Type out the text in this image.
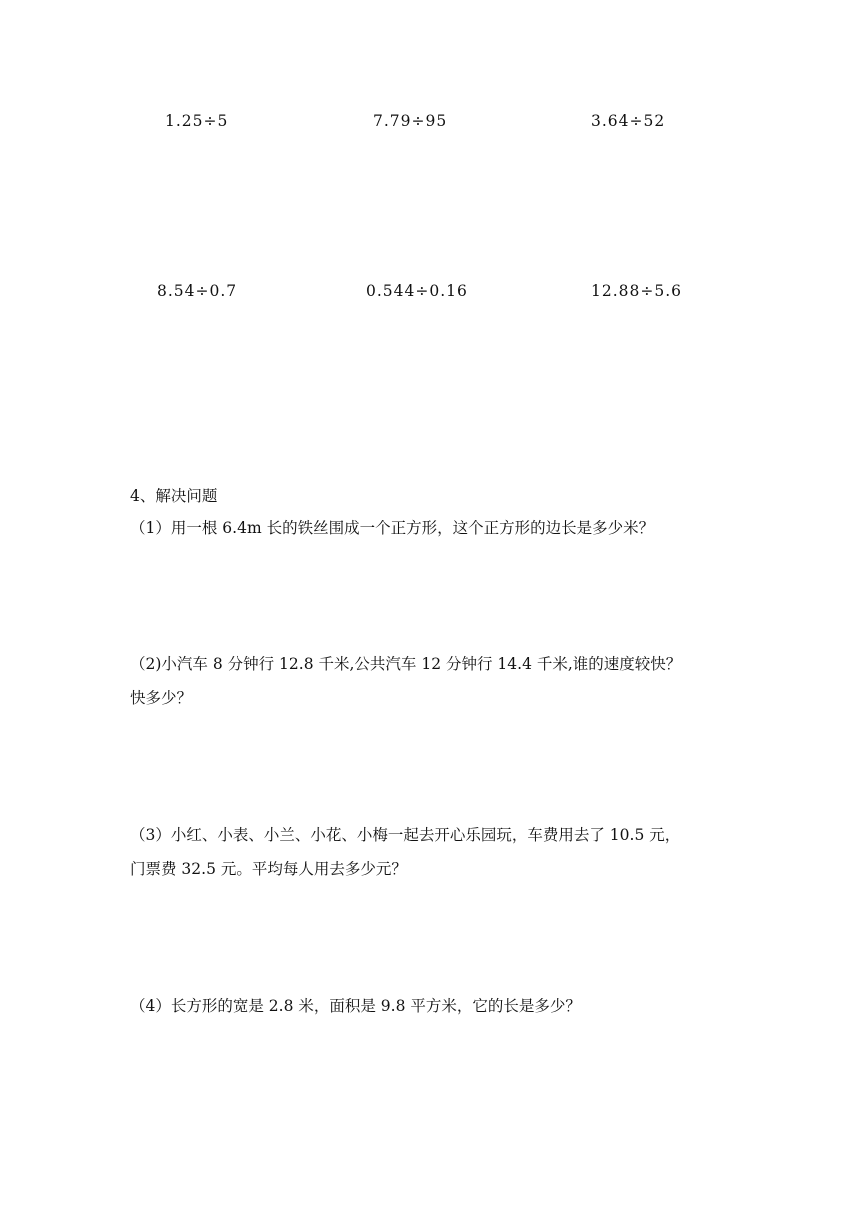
1.25÷5	7.79÷95	3.64÷52
8.54÷0.7	0.544÷0.16	12.88÷5.6
4、解决问题
（1）用一根 6.4m 长的铁丝围成一个正方形，这个正方形的边长是多少米？
（2)小汽车 8 分钟行 12.8 千米,公共汽车 12 分钟行 14.4 千米,谁的速度较快？
快多少？
（3）小红、小表、小兰、小花、小梅一起去开心乐园玩，车费用去了 10.5 元，
门票费 32.5 元。平均每人用去多少元？
（4）长方形的宽是 2.8 米，面积是 9.8 平方米，它的长是多少？
